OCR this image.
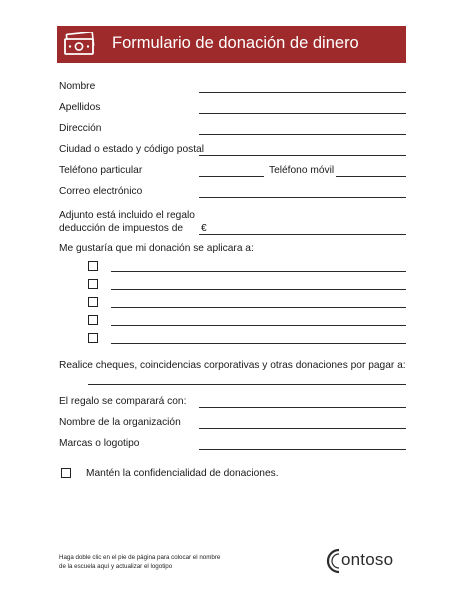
Formulario de donación de dinero
Nombre
Apellidos
Dirección
Ciudad o estado y código postal
Teléfono particular	Teléfono móvil
Correo electrónico
Adjunto está incluido el regalo
deducción de impuestos de €
Me gustaría que mi donación se aplicara a:
Realice cheques, coincidencias corporativas y otras donaciones por pagar a:
El regalo se comparará con:
Nombre de la organización
Marcas o logotipo
Mantén la confidencialidad de donaciones.
Haga doble clic en el pie de página para colocar el nombre
de la escuela aquí y actualizar el logotipo	ontoso
